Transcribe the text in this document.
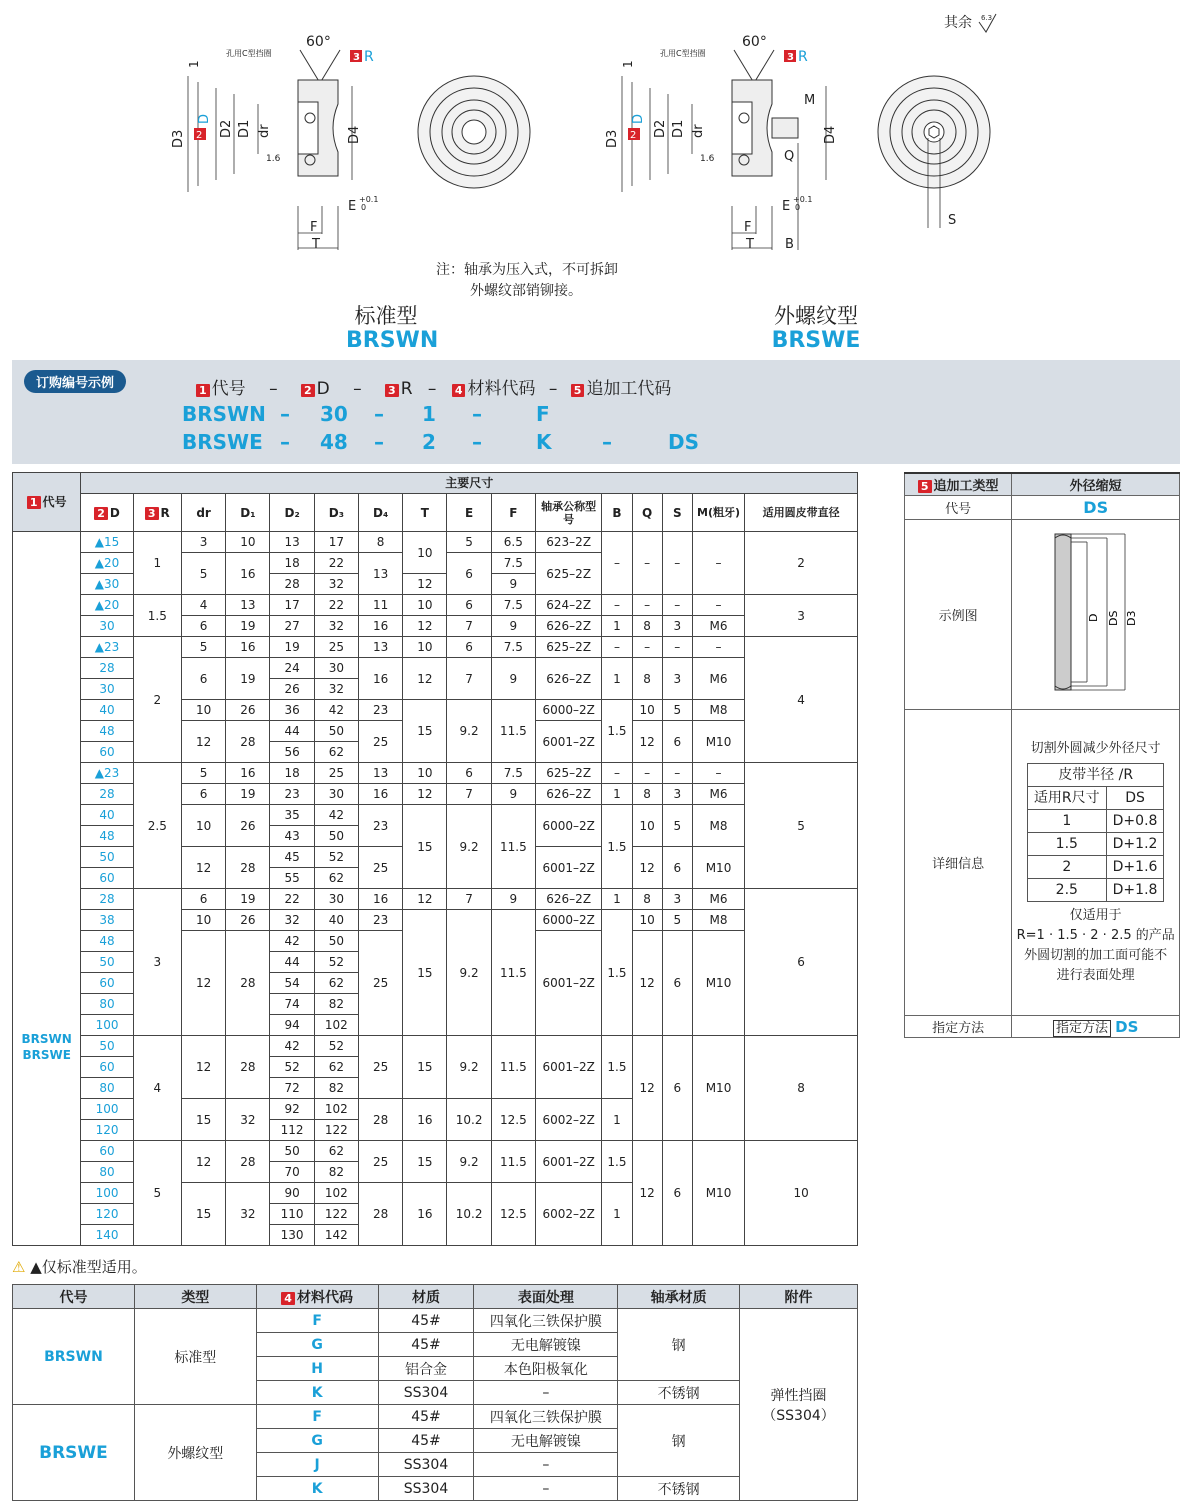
其余 6.3
60°
3 R
孔用C型挡圈
D3 2
D
D2 D1 dr
1.6
D4
E +0.1
0
F
T
1
60°
3 R
孔用C型挡圈
D3 2
D
D2 D1 dr
1.6
M
Q
D4
E +0.1
0
F
T B
1
S
注：轴承为压入式，不可拆卸
外螺纹部销铆接。
标准型
BRSWN
外螺纹型
BRSWE
订购编号示例	1 代号 – 2 D – 3 R – 4 材料代码 – 5 追加工代码
BRSWN – 30 – 1 –	F
BRSWE – 48 – 2 –	K	–	DS
1 代号	主要尺寸															
	2 D	3 R	dr	D₁	D₂	D₃	D₄	T	E	F	轴承公称型号	B	Q	S	M(粗牙)	适用圆皮带直径

BRSWN
BRSWE	▲15	1	3	10	13	17	8	10	5	6.5	623–2Z	–	–	–	–	2
	▲20		5	16	18	22	13		6	7.5	625–2Z					
	▲30				28	32		12		9						
	▲20	1.5	4	13	17	22	11	10	6	7.5	624–2Z	–	–	–	–	3
	30		6	19	27	32	16	12	7	9	626–2Z	1	8	3	M6	
	▲23	2	5	16	19	25	13	10	6	7.5	625–2Z	–	–	–	–	4
	28		6	19	24	30	16	12	7	9	626–2Z	1	8	3	M6	
	30				26	32										
	40		10	26	36	42	23	15	9.2	11.5	6000–2Z	1.5	10	5	M8	
	48		12	28	44	50	25				6001–2Z		12	6	M10	
	60				56	62										
	▲23	2.5	5	16	18	25	13	10	6	7.5	625–2Z	–	–	–	–	5
	28		6	19	23	30	16	12	7	9	626–2Z	1	8	3	M6	
	40		10	26	35	42	23	15	9.2	11.5	6000–2Z	1.5	10	5	M8	
	48				43	50										
	50		12	28	45	52	25				6001–2Z		12	6	M10	
	60				55	62										
	28	3	6	19	22	30	16	12	7	9	626–2Z	1	8	3	M6	6
	38		10	26	32	40	23	15	9.2	11.5	6000–2Z	1.5	10	5	M8	
	48		12	28	42	50	25				6001–2Z		12	6	M10	
	50				44	52										
	60				54	62										
	80				74	82										
	100				94	102										
	50	4	12	28	42	52	25	15	9.2	11.5	6001–2Z	1.5	12	6	M10	8
	60				52	62										
	80				72	82										
	100		15	32	92	102	28	16	10.2	12.5	6002–2Z	1				
	120				112	122										
	60	5	12	28	50	62	25	15	9.2	11.5	6001–2Z	1.5	12	6	M10	10
	80				70	82										
	100		15	32	90	102	28	16	10.2	12.5	6002–2Z	1				
	120				110	122										
	140				130	142										
⚠ ▲仅标准型适用。
5 追加工类型	外径缩短
代号	DS
示例图	D DS D3

详细信息	
切割外圆减少外径尺寸
皮带半径 /R
适用R尺寸	DS
1	D+0.8
1.5	D+1.2
2	D+1.6
2.5	D+1.8
仅适用于
R=1 · 1.5 · 2 · 2.5 的产品
外圆切割的加工面可能不
进行表面处理

指定方法	指定方法 DS
代号	类型	4 材料代码	材质	表面处理	轴承材质	附件
BRSWN	标准型	F	45#	四氧化三铁保护膜	钢	弹性挡圈
（SS304）
		G	45#	无电解镀镍		
		H	铝合金	本色阳极氧化		
		K	SS304	–	不锈钢	
BRSWE	外螺纹型	F	45#	四氧化三铁保护膜	钢	
		G	45#	无电解镀镍		
		J	SS304	–		
		K	SS304	–	不锈钢	
